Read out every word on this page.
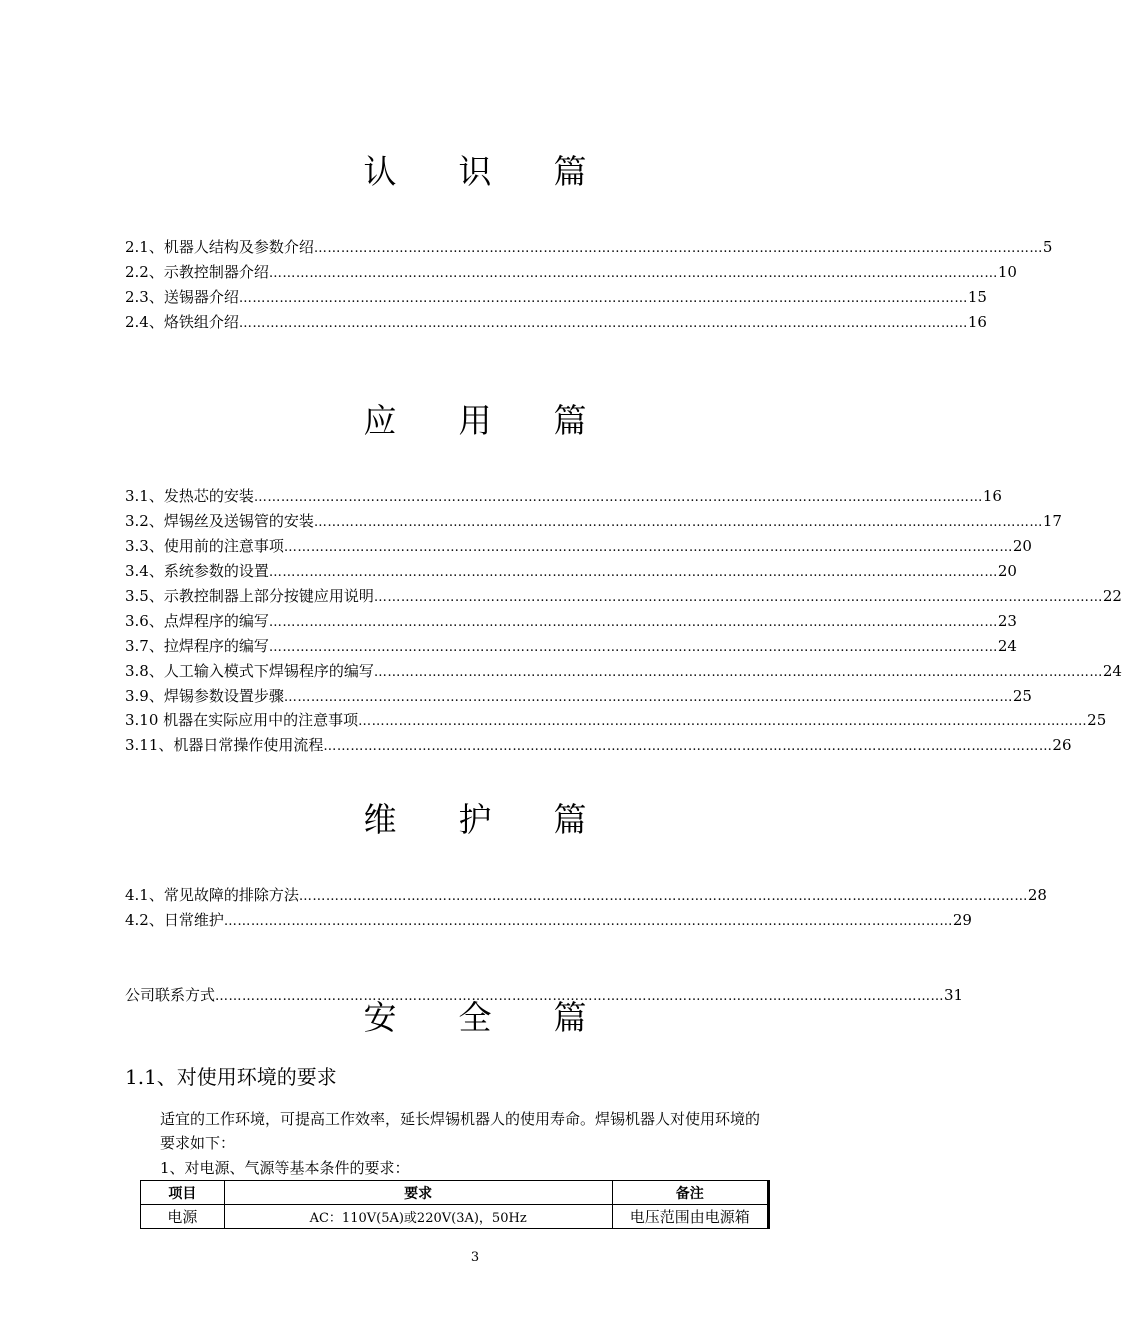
认 识 篇
2.1、机器人结构及参数介绍 ……………………………………………………………………………………………………………………………………………… 5
2.2、示教控制器介绍 ……………………………………………………………………………………………………………………………………………… 10
2.3、送锡器介绍 ……………………………………………………………………………………………………………………………………………… 15
2.4、烙铁组介绍 ……………………………………………………………………………………………………………………………………………… 16
应 用 篇
3.1、发热芯的安装 ……………………………………………………………………………………………………………………………………………… 16
3.2、焊锡丝及送锡管的安装 ……………………………………………………………………………………………………………………………………………… 17
3.3、使用前的注意事项 ……………………………………………………………………………………………………………………………………………… 20
3.4、系统参数的设置 ……………………………………………………………………………………………………………………………………………… 20
3.5、示教控制器上部分按键应用说明 ……………………………………………………………………………………………………………………………………………… 22
3.6、点焊程序的编写 ……………………………………………………………………………………………………………………………………………… 23
3.7、拉焊程序的编写 ……………………………………………………………………………………………………………………………………………… 24
3.8、人工输入模式下焊锡程序的编写 ……………………………………………………………………………………………………………………………………………… 24
3.9、焊锡参数设置步骤 ……………………………………………………………………………………………………………………………………………… 25
3.10 机器在实际应用中的注意事项 ……………………………………………………………………………………………………………………………………………… 25
3.11、机器日常操作使用流程 ……………………………………………………………………………………………………………………………………………… 26
维 护 篇
4.1、常见故障的排除方法 ……………………………………………………………………………………………………………………………………………… 28
4.2、日常维护 ……………………………………………………………………………………………………………………………………………… 29
公司联系方式 ……………………………………………………………………………………………………………………………………………… 31
安 全 篇
1.1、对使用环境的要求
适宜的工作环境，可提高工作效率，延长焊锡机器人的使用寿命。焊锡机器人对使用环境的
要求如下：
1、对电源、气源等基本条件的要求：
项目	要求	备注
电源	AC：110V(5A)或220V(3A)，50Hz	电压范围由电源箱
3
